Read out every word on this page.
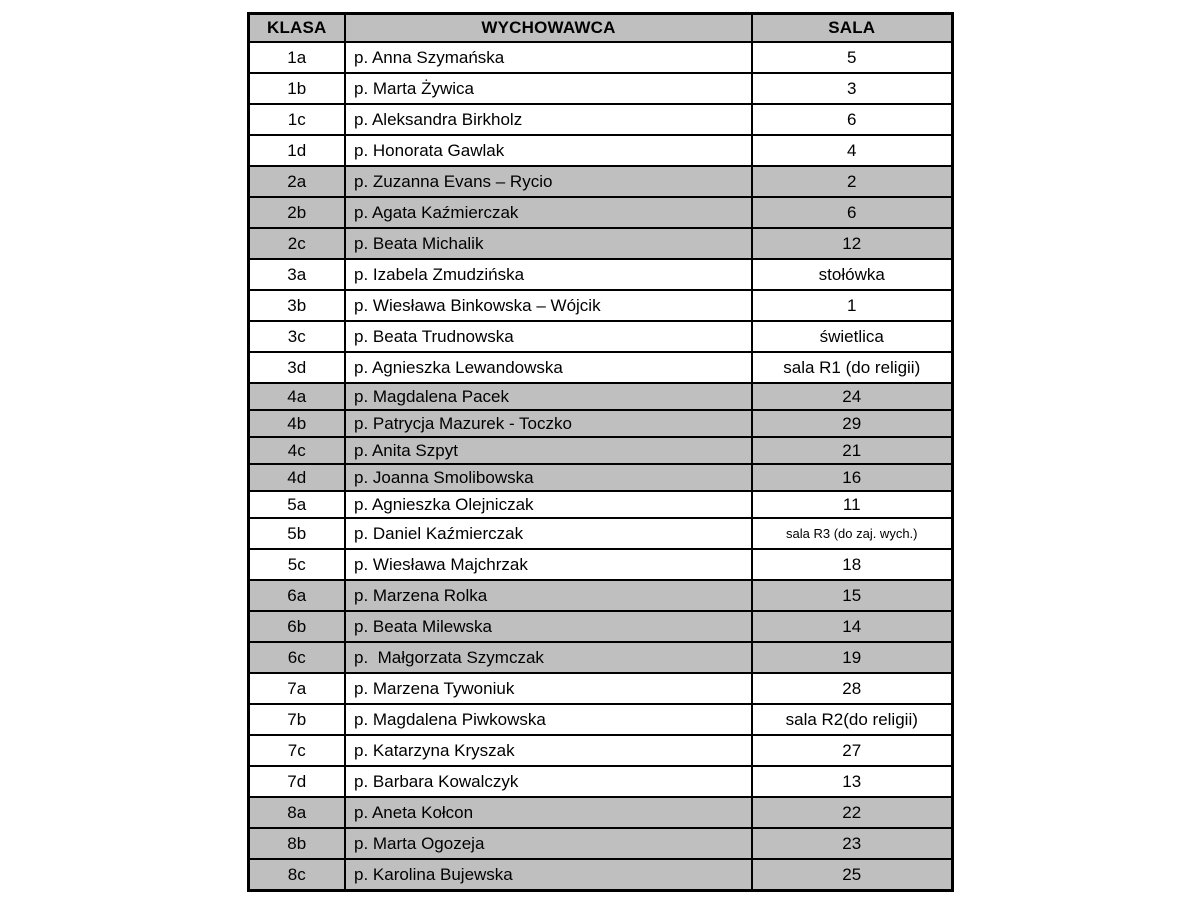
KLASA	WYCHOWAWCA	SALA
1a	p. Anna Szymańska	5
1b	p. Marta Żywica	3
1c	p. Aleksandra Birkholz	6
1d	p. Honorata Gawlak	4
2a	p. Zuzanna Evans – Rycio	2
2b	p. Agata Kaźmierczak	6
2c	p. Beata Michalik	12
3a	p. Izabela Zmudzińska	stołówka
3b	p. Wiesława Binkowska – Wójcik	1
3c	p. Beata Trudnowska	świetlica
3d	p. Agnieszka Lewandowska	sala R1 (do religii)
4a	p. Magdalena Pacek	24
4b	p. Patrycja Mazurek - Toczko	29
4c	p. Anita Szpyt	21
4d	p. Joanna Smolibowska	16
5a	p. Agnieszka Olejniczak	11
5b	p. Daniel Kaźmierczak	sala R3 (do zaj. wych.)
5c	p. Wiesława Majchrzak	18
6a	p. Marzena Rolka	15
6b	p. Beata Milewska	14
6c	p.  Małgorzata Szymczak	19
7a	p. Marzena Tywoniuk	28
7b	p. Magdalena Piwkowska	sala R2(do religii)
7c	p. Katarzyna Kryszak	27
7d	p. Barbara Kowalczyk	13
8a	p. Aneta Kołcon	22
8b	p. Marta Ogozeja	23
8c	p. Karolina Bujewska	25
